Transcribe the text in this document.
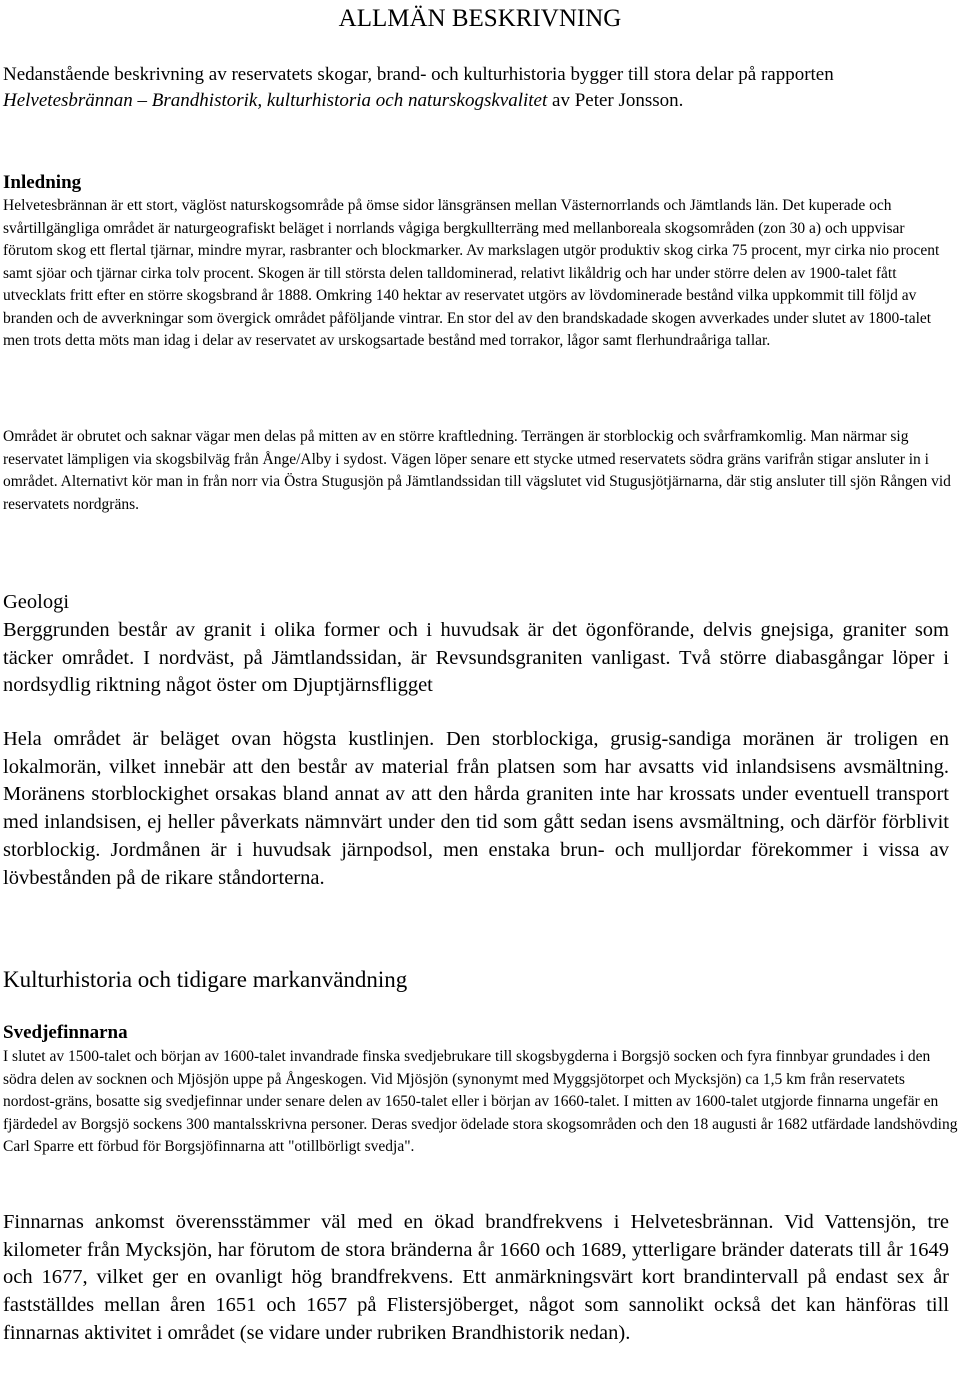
ALLMÄN BESKRIVNING

Nedanstående beskrivning av reservatets skogar, brand- och kulturhistoria bygger till stora delar på rapporten Helvetesbrännan – Brandhistorik, kulturhistoria och naturskogskvalitet av Peter Jonsson.

Inledning

Helvetesbrännan är ett stort, väglöst naturskogsområde på ömse sidor länsgränsen mellan Västernorrlands och Jämtlands län. Det kuperade och svårtillgängliga området är naturgeografiskt beläget i norrlands vågiga bergkullterräng med mellanboreala skogsområden (zon 30 a) och uppvisar förutom skog ett flertal tjärnar, mindre myrar, rasbranter och blockmarker. Av markslagen utgör produktiv skog cirka 75 procent, myr cirka nio procent samt sjöar och tjärnar cirka tolv procent. Skogen är till största delen talldominerad, relativt likåldrig och har under större delen av 1900-talet fått utvecklats fritt efter en större skogsbrand år 1888. Omkring 140 hektar av reservatet utgörs av lövdominerade bestånd vilka uppkommit till följd av branden och de avverkningar som övergick området påföljande vintrar. En stor del av den brandskadade skogen avverkades under slutet av 1800-talet men trots detta möts man idag i delar av reservatet av urskogsartade bestånd med torrakor, lågor samt flerhundraåriga tallar.

Området är obrutet och saknar vägar men delas på mitten av en större kraftledning. Terrängen är storblockig och svårframkomlig. Man närmar sig reservatet lämpligen via skogsbilväg från Ånge/Alby i sydost. Vägen löper senare ett stycke utmed reservatets södra gräns varifrån stigar ansluter in i området. Alternativt kör man in från norr via Östra Stugusjön på Jämtlandssidan till vägslutet vid Stugusjötjärnarna, där stig ansluter till sjön Rången vid reservatets nordgräns.

Geologi

Berggrunden består av granit i olika former och i huvudsak är det ögonförande, delvis gnejsiga, graniter som täcker området. I nordväst, på Jämtlandssidan, är Revsundsgraniten vanligast. Två större diabasgångar löper i nordsydlig riktning något öster om Djuptjärnsfligget

Hela området är beläget ovan högsta kustlinjen. Den storblockiga, grusig-sandiga moränen är troligen en lokalmorän, vilket innebär att den består av material från platsen som har avsatts vid inlandsisens avsmältning. Moränens storblockighet orsakas bland annat av att den hårda graniten inte har krossats under eventuell transport med inlandsisen, ej heller påverkats nämnvärt under den tid som gått sedan isens avsmältning, och därför förblivit storblockig. Jordmånen är i huvudsak järnpodsol, men enstaka brun- och mulljordar förekommer i vissa av lövbestånden på de rikare ståndorterna.

Kulturhistoria och tidigare markanvändning
Svedjefinnarna

I slutet av 1500-talet och början av 1600-talet invandrade finska svedjebrukare till skogsbygderna i Borgsjö socken och fyra finnbyar grundades i den södra delen av socknen och Mjösjön uppe på Ångeskogen. Vid Mjösjön (synonymt med Myggsjötorpet och Mycksjön) ca 1,5 km från reservatets nordost-gräns, bosatte sig svedjefinnar under senare delen av 1650-talet eller i början av 1660-talet. I mitten av 1600-talet utgjorde finnarna ungefär en fjärdedel av Borgsjö sockens 300 mantalsskrivna personer. Deras svedjor ödelade stora skogsområden och den 18 augusti år 1682 utfärdade landshövding Carl Sparre ett förbud för Borgsjöfinnarna att "otillbörligt svedja".

Finnarnas ankomst överensstämmer väl med en ökad brandfrekvens i Helvetesbrännan. Vid Vattensjön, tre kilometer från Mycksjön, har förutom de stora bränderna år 1660 och 1689, ytterligare bränder daterats till år 1649 och 1677, vilket ger en ovanligt hög brandfrekvens. Ett anmärkningsvärt kort brandintervall på endast sex år fastställdes mellan åren 1651 och 1657 på Flistersjöberget, något som sannolikt också det kan hänföras till finnarnas aktivitet i området (se vidare under rubriken Brandhistorik nedan).
